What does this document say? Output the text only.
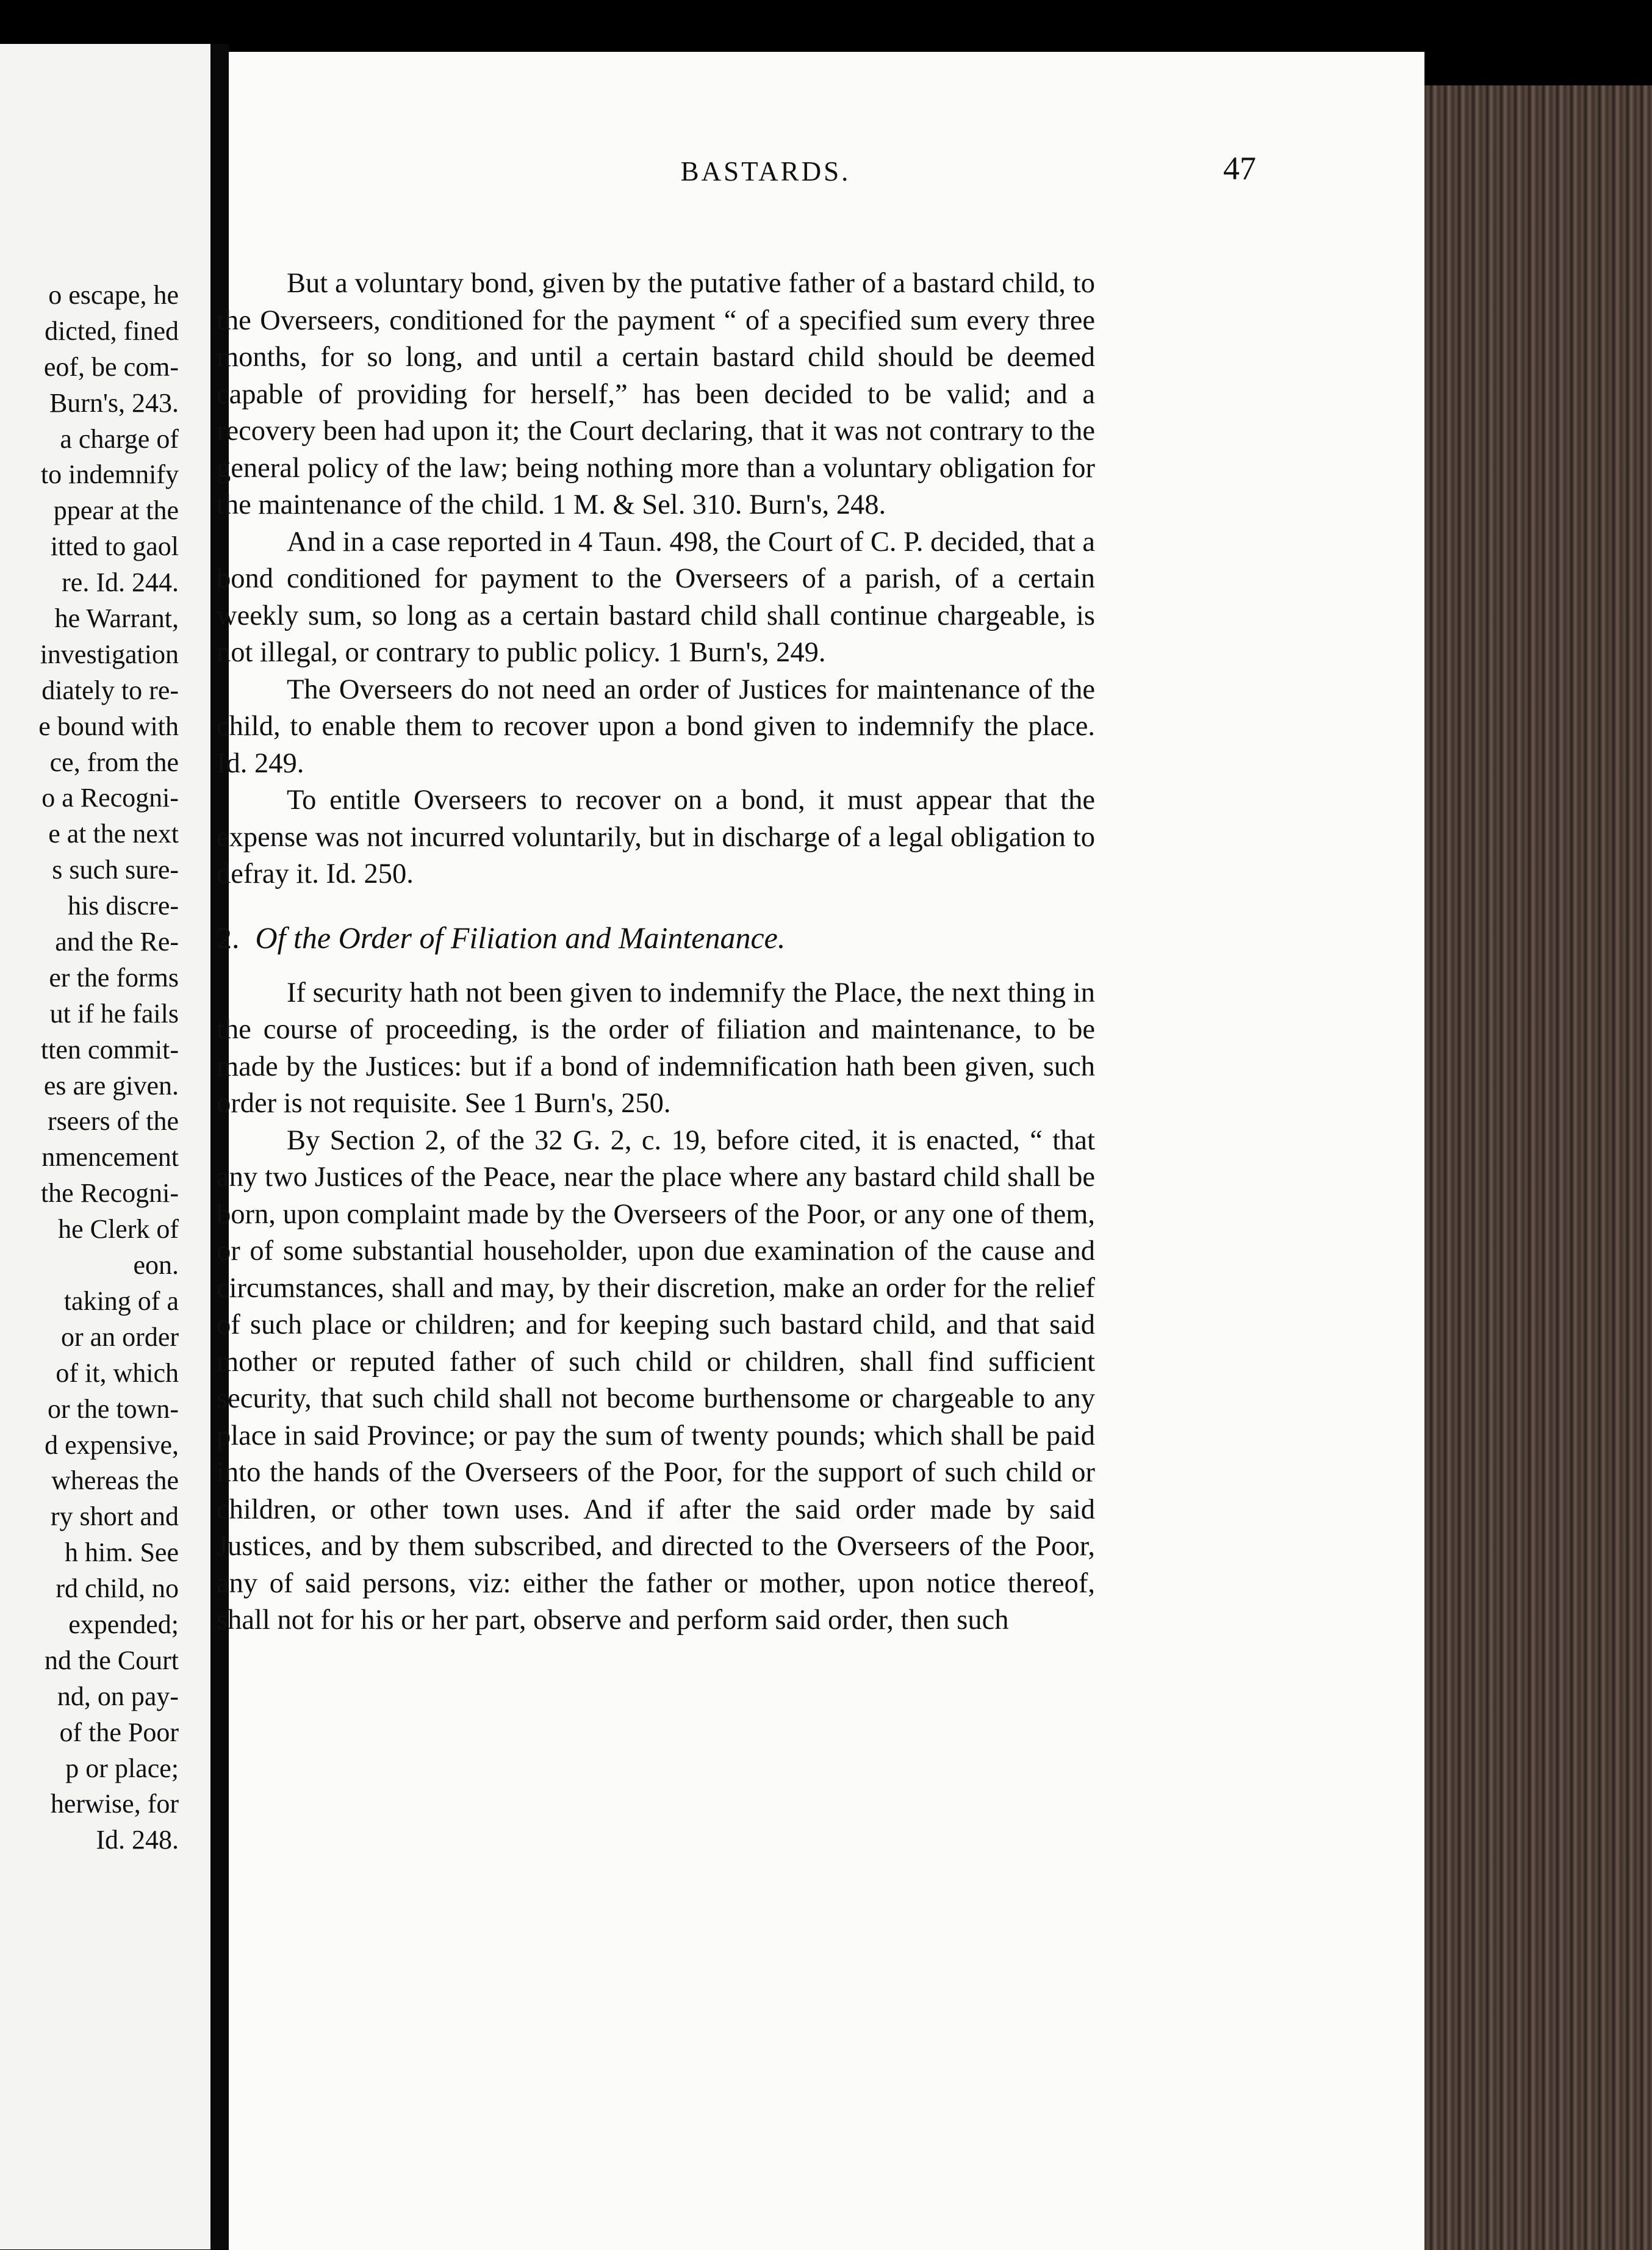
o escape, he
dicted, fined
eof, be com-
Burn's, 243.
a charge of
to indemnify
ppear at the
itted to gaol
re. Id. 244.
he Warrant,
investigation
diately to re-
e bound with
ce, from the
o a Recogni-
e at the next
s such sure-
his discre-
and the Re-
er the forms
ut if he fails
tten commit-
es are given.
rseers of the
nmencement
the Recogni-
he Clerk of
eon.
taking of a
or an order
of it, which
or the town-
d expensive,
whereas the
ry short and
h him. See
rd child, no
expended;
nd the Court
nd, on pay-
of the Poor
p or place;
herwise, for
Id. 248.
BASTARDS.	47

But a voluntary bond, given by the putative father of a bastard child, to the Overseers, conditioned for the payment “ of a specified sum every three months, for so long, and until a certain bastard child should be deemed capable of providing for herself,” has been decided to be valid; and a recovery been had upon it; the Court declaring, that it was not contrary to the general policy of the law; being nothing more than a voluntary obligation for the maintenance of the child. 1 M. & Sel. 310. Burn's, 248.

And in a case reported in 4 Taun. 498, the Court of C. P. decided, that a bond conditioned for payment to the Overseers of a parish, of a certain weekly sum, so long as a certain bastard child shall continue chargeable, is not illegal, or contrary to public policy. 1 Burn's, 249.

The Overseers do not need an order of Justices for maintenance of the child, to enable them to recover upon a bond given to indemnify the place. Id. 249.

To entitle Overseers to recover on a bond, it must appear that the expense was not incurred voluntarily, but in discharge of a legal obligation to defray it. Id. 250.

2. Of the Order of Filiation and Maintenance.

If security hath not been given to indemnify the Place, the next thing in the course of proceeding, is the order of filiation and maintenance, to be made by the Justices: but if a bond of indemnification hath been given, such order is not requisite. See 1 Burn's, 250.

By Section 2, of the 32 G. 2, c. 19, before cited, it is enacted, “ that any two Justices of the Peace, near the place where any bastard child shall be born, upon complaint made by the Overseers of the Poor, or any one of them, or of some substantial householder, upon due examination of the cause and circumstances, shall and may, by their discretion, make an order for the relief of such place or children; and for keeping such bastard child, and that said mother or reputed father of such child or children, shall find sufficient security, that such child shall not become burthensome or chargeable to any place in said Province; or pay the sum of twenty pounds; which shall be paid into the hands of the Overseers of the Poor, for the support of such child or children, or other town uses. And if after the said order made by said Justices, and by them subscribed, and directed to the Overseers of the Poor, any of said persons, viz: either the father or mother, upon notice thereof, shall not for his or her part, observe and perform said order, then such
